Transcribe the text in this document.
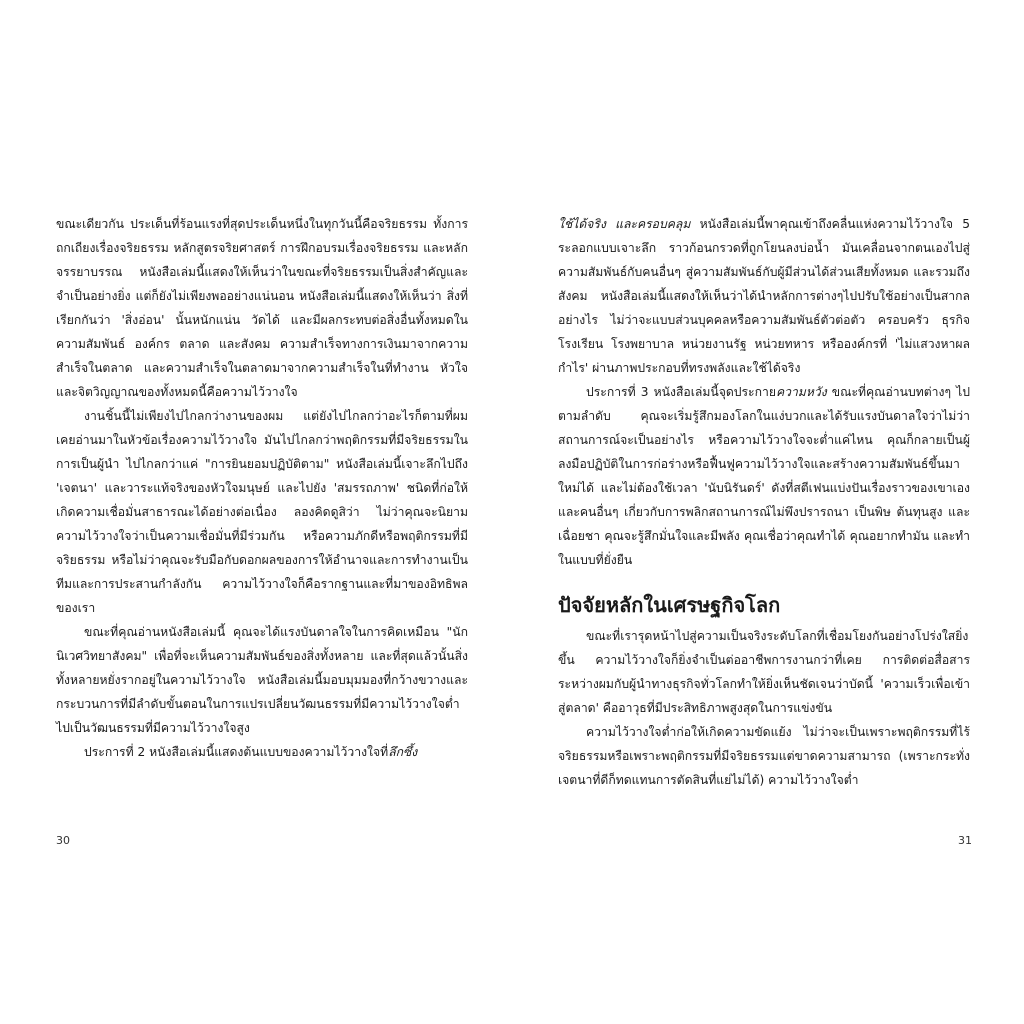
ขณะเดียวกัน ประเด็นที่ร้อนแรงที่สุดประเด็นหนึ่งในทุกวันนี้คือจริยธรรม ทั้งการถกเถียงเรื่องจริยธรรม หลักสูตรจริยศาสตร์ การฝึกอบรมเรื่องจริยธรรม และหลักจรรยาบรรณ หนังสือเล่มนี้แสดงให้เห็นว่าในขณะที่จริยธรรมเป็นสิ่งสำคัญและจำเป็นอย่างยิ่ง แต่ก็ยังไม่เพียงพออย่างแน่นอน หนังสือเล่มนี้แสดงให้เห็นว่า สิ่งที่เรียกกันว่า 'สิ่งอ่อน' นั้นหนักแน่น วัดได้ และมีผลกระทบต่อสิ่งอื่นทั้งหมดในความสัมพันธ์ องค์กร ตลาด และสังคม ความสำเร็จทางการเงินมาจากความสำเร็จในตลาด และความสำเร็จในตลาดมาจากความสำเร็จในที่ทำงาน หัวใจและจิตวิญญาณของทั้งหมดนี้คือความไว้วางใจ

งานชิ้นนี้ไม่เพียงไปไกลกว่างานของผม แต่ยังไปไกลกว่าอะไรก็ตามที่ผมเคยอ่านมาในหัวข้อเรื่องความไว้วางใจ มันไปไกลกว่าพฤติกรรมที่มีจริยธรรมในการเป็นผู้นำ ไปไกลกว่าแค่ "การยินยอมปฏิบัติตาม" หนังสือเล่มนี้เจาะลึกไปถึง 'เจตนา' และวาระแท้จริงของหัวใจมนุษย์ และไปยัง 'สมรรถภาพ' ชนิดที่ก่อให้เกิดความเชื่อมั่นสาธารณะได้อย่างต่อเนื่อง ลองคิดดูสิว่า ไม่ว่าคุณจะนิยามความไว้วางใจว่าเป็นความเชื่อมั่นที่มีร่วมกัน หรือความภักดีหรือพฤติกรรมที่มีจริยธรรม หรือไม่ว่าคุณจะรับมือกับดอกผลของการให้อำนาจและการทำงานเป็นทีมและการประสานกำลังกัน ความไว้วางใจก็คือรากฐานและที่มาของอิทธิพลของเรา

ขณะที่คุณอ่านหนังสือเล่มนี้ คุณจะได้แรงบันดาลใจในการคิดเหมือน "นักนิเวศวิทยาสังคม" เพื่อที่จะเห็นความสัมพันธ์ของสิ่งทั้งหลาย และที่สุดแล้วนั้นสิ่งทั้งหลายหยั่งรากอยู่ในความไว้วางใจ หนังสือเล่มนี้มอบมุมมองที่กว้างขวางและกระบวนการที่มีลำดับขั้นตอนในการแปรเปลี่ยนวัฒนธรรมที่มีความไว้วางใจต่ำไปเป็นวัฒนธรรมที่มีความไว้วางใจสูง

ประการที่ 2 หนังสือเล่มนี้แสดงต้นแบบของความไว้วางใจที่ลึกซึ้ง

ใช้ได้จริง และครอบคลุม หนังสือเล่มนี้พาคุณเข้าถึงคลื่นแห่งความไว้วางใจ 5 ระลอกแบบเจาะลึก ราวก้อนกรวดที่ถูกโยนลงบ่อน้ำ มันเคลื่อนจากตนเองไปสู่ความสัมพันธ์กับคนอื่นๆ สู่ความสัมพันธ์กับผู้มีส่วนได้ส่วนเสียทั้งหมด และรวมถึงสังคม หนังสือเล่มนี้แสดงให้เห็นว่าได้นำหลักการต่างๆไปปรับใช้อย่างเป็นสากลอย่างไร ไม่ว่าจะแบบส่วนบุคคลหรือความสัมพันธ์ตัวต่อตัว ครอบครัว ธุรกิจ โรงเรียน โรงพยาบาล หน่วยงานรัฐ หน่วยทหาร หรือองค์กรที่ 'ไม่แสวงหาผลกำไร' ผ่านภาพประกอบที่ทรงพลังและใช้ได้จริง

ประการที่ 3 หนังสือเล่มนี้จุดประกายความหวัง ขณะที่คุณอ่านบทต่างๆ ไปตามลำดับ คุณจะเริ่มรู้สึกมองโลกในแง่บวกและได้รับแรงบันดาลใจว่าไม่ว่าสถานการณ์จะเป็นอย่างไร หรือความไว้วางใจจะต่ำแค่ไหน คุณก็กลายเป็นผู้ลงมือปฏิบัติในการก่อร่างหรือฟื้นฟูความไว้วางใจและสร้างความสัมพันธ์ขึ้นมาใหม่ได้ และไม่ต้องใช้เวลา 'นับนิรันดร์' ดังที่สตีเฟนแบ่งปันเรื่องราวของเขาเองและคนอื่นๆ เกี่ยวกับการพลิกสถานการณ์ไม่พึงปรารถนา เป็นพิษ ต้นทุนสูง และเฉื่อยชา คุณจะรู้สึกมั่นใจและมีพลัง คุณเชื่อว่าคุณทำได้ คุณอยากทำมัน และทำในแบบที่ยั่งยืน

ปัจจัยหลักในเศรษฐกิจโลก

ขณะที่เรารุดหน้าไปสู่ความเป็นจริงระดับโลกที่เชื่อมโยงกันอย่างโปร่งใสยิ่งขึ้น ความไว้วางใจก็ยิ่งจำเป็นต่ออาชีพการงานกว่าที่เคย การติดต่อสื่อสารระหว่างผมกับผู้นำทางธุรกิจทั่วโลกทำให้ยิ่งเห็นชัดเจนว่าบัดนี้ 'ความเร็วเพื่อเข้าสู่ตลาด' คืออาวุธที่มีประสิทธิภาพสูงสุดในการแข่งขัน

ความไว้วางใจต่ำก่อให้เกิดความขัดแย้ง ไม่ว่าจะเป็นเพราะพฤติกรรมที่ไร้จริยธรรมหรือเพราะพฤติกรรมที่มีจริยธรรมแต่ขาดความสามารถ (เพราะกระทั่งเจตนาที่ดีก็ทดแทนการตัดสินที่แย่ไม่ได้) ความไว้วางใจต่ำ

30	31
